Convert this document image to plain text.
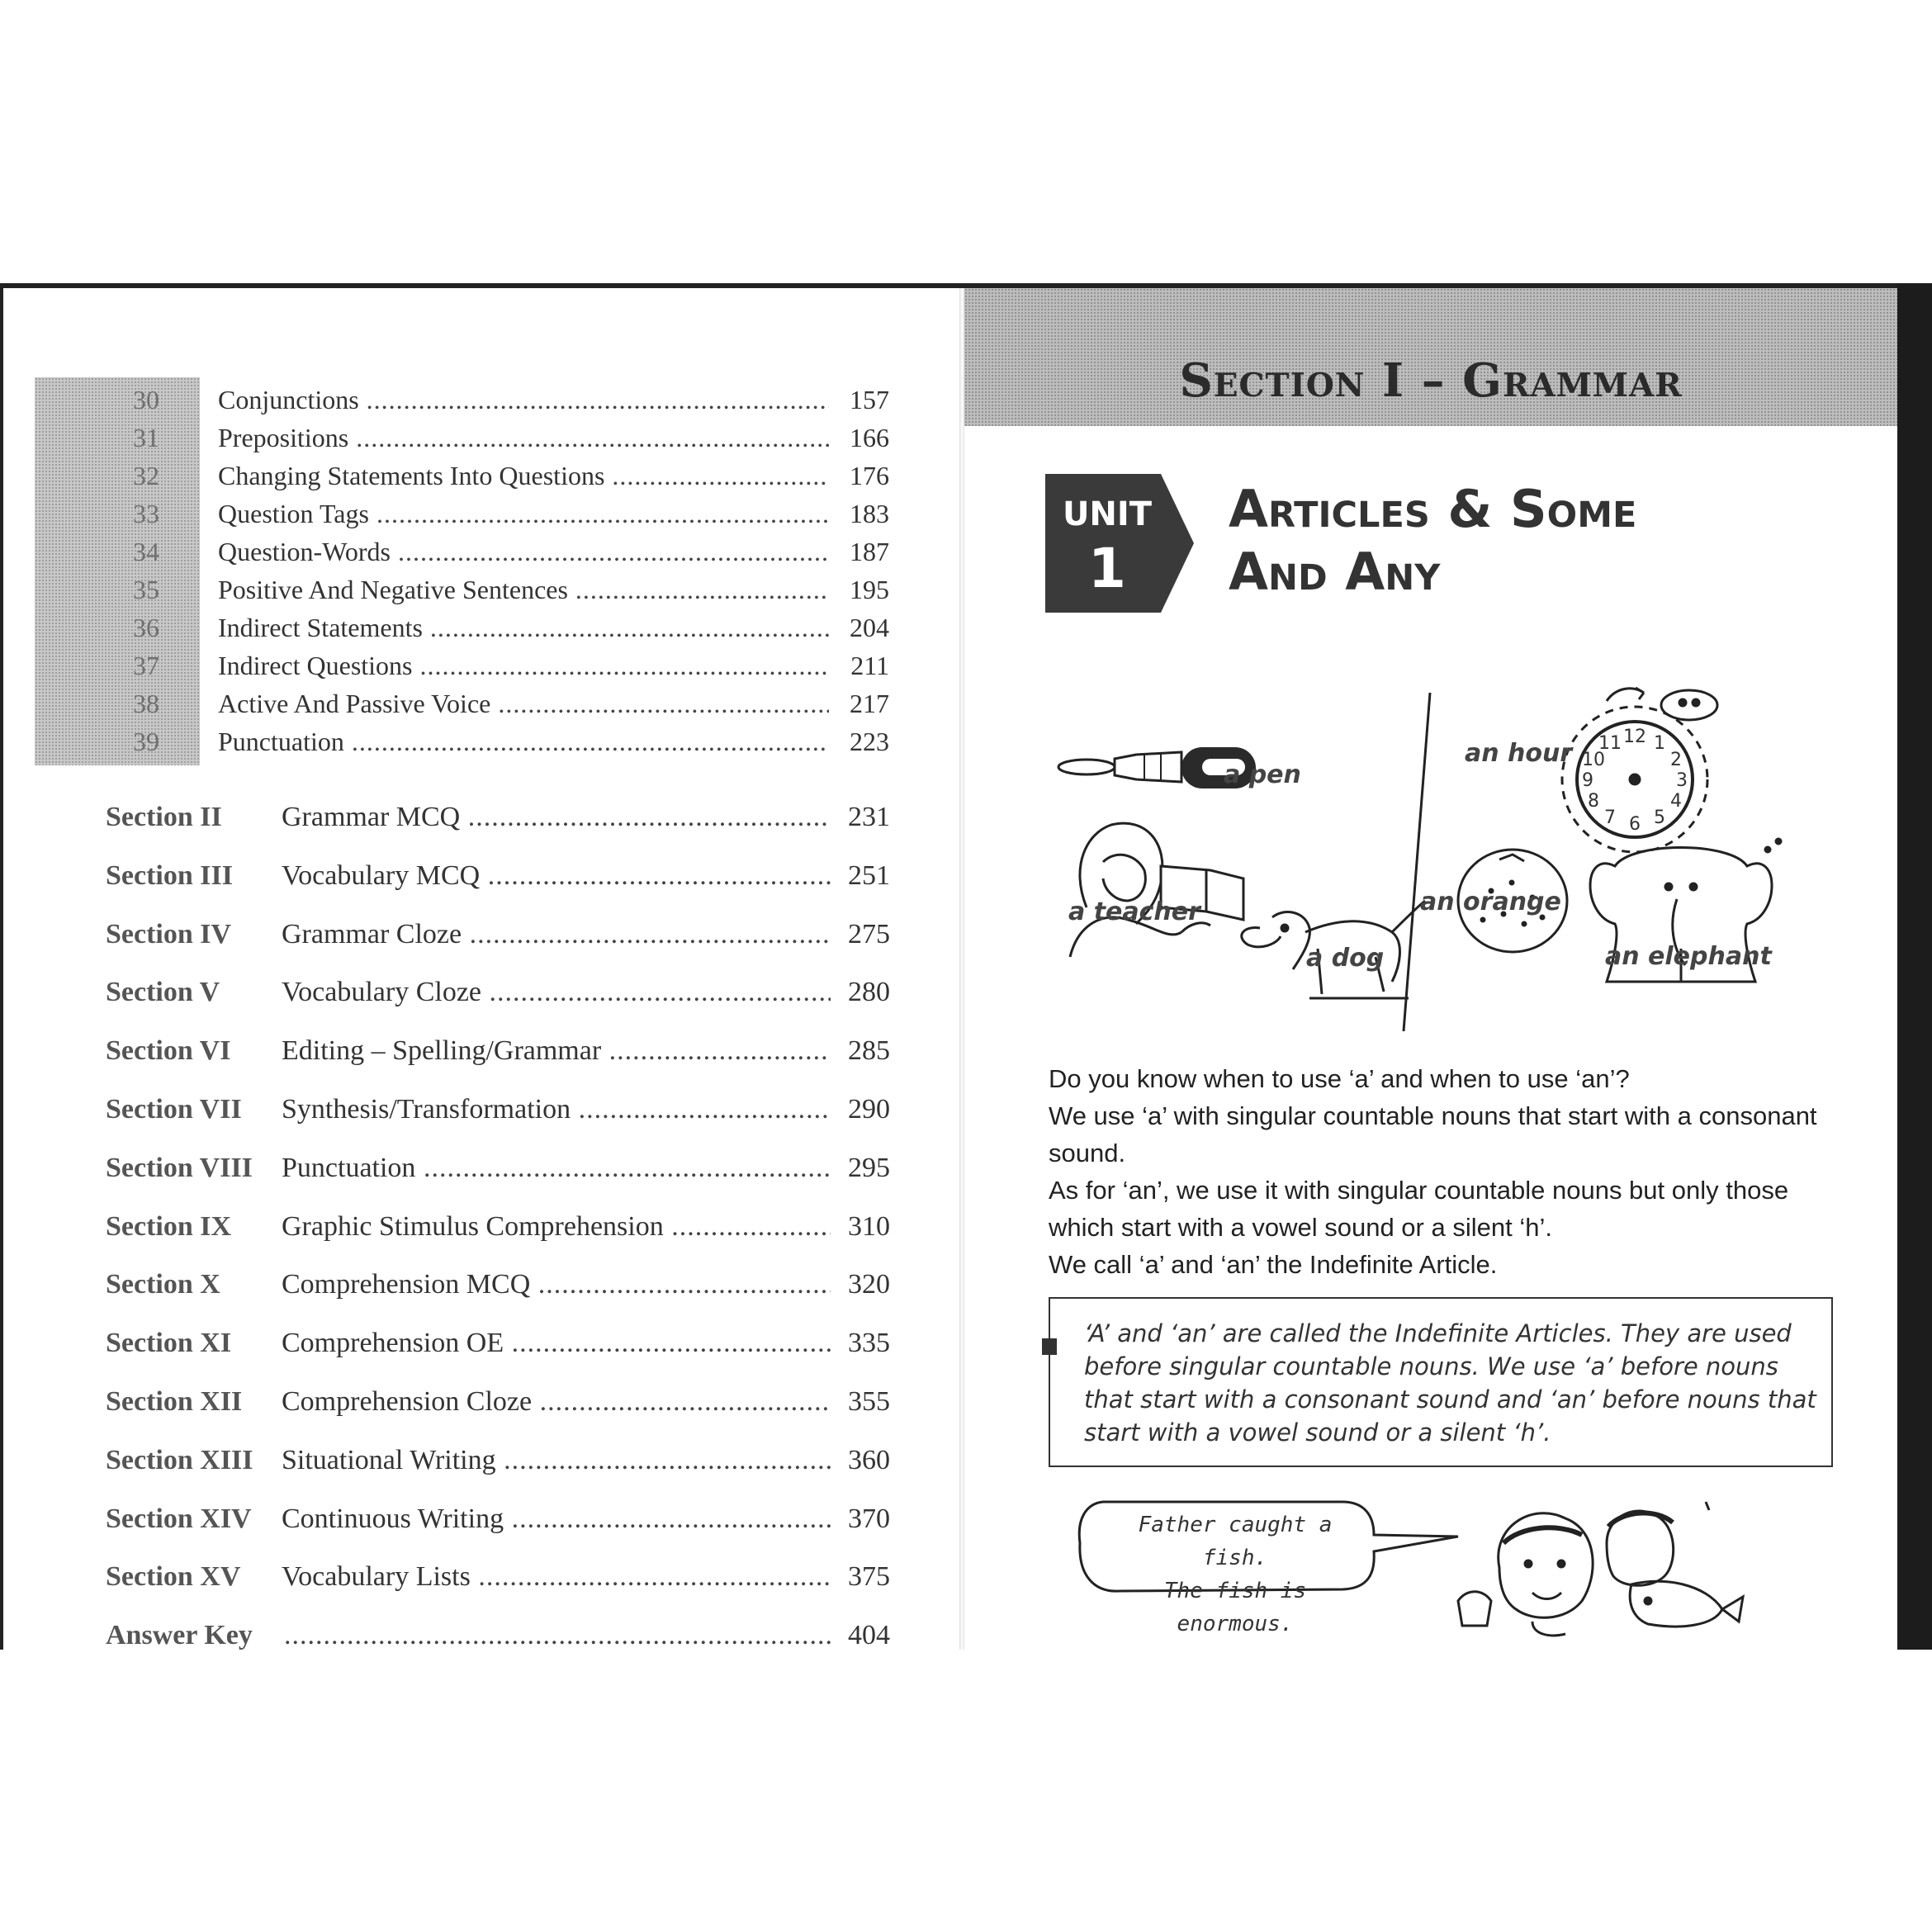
30 Conjunctions .....	157
31 Prepositions .....	166
32 Changing Statements Into Questions .....	176
33 Question Tags .....	183
34 Question-Words .....	187
35 Positive And Negative Sentences .....	195
36 Indirect Statements .....	204
37 Indirect Questions .....	211
38 Active And Passive Voice .....	217
39 Punctuation .....	223
Section II Grammar MCQ .....	231
Section III Vocabulary MCQ .....	251
Section IV Grammar Cloze .....	275
Section V Vocabulary Cloze .....	280
Section VI Editing – Spelling/Grammar .....	285
Section VII Synthesis/Transformation .....	290
Section VIII Punctuation .....	295
Section IX Graphic Stimulus Comprehension .....	310
Section X Comprehension MCQ .....	320
Section XI Comprehension OE .....	335
Section XII Comprehension Cloze .....	355
Section XIII Situational Writing .....	360
Section XIV Continuous Writing .....	370
Section XV Vocabulary Lists .....	375
Answer Key .....	404
Section I – Grammar
UNIT
1
Articles & Some
And Any
12 1
2
3
4
5
6
7
8
9
10
11
a pen
a teacher
a dog
an hour
an orange
an elephant

Do you know when to use ‘a’ and when to use ‘an’?

We use ‘a’ with singular countable nouns that start with a consonant sound.

As for ‘an’, we use it with singular countable nouns but only those which start with a vowel sound or a silent ‘h’.

We call ‘a’ and ‘an’ the Indefinite Article.

‘A’ and ‘an’ are called the Indefinite Articles. They are used before singular countable nouns. We use ‘a’ before nouns that start with a consonant sound and ‘an’ before nouns that start with a vowel sound or a silent ‘h’.
Father caught a fish.
The fish is enormous.
